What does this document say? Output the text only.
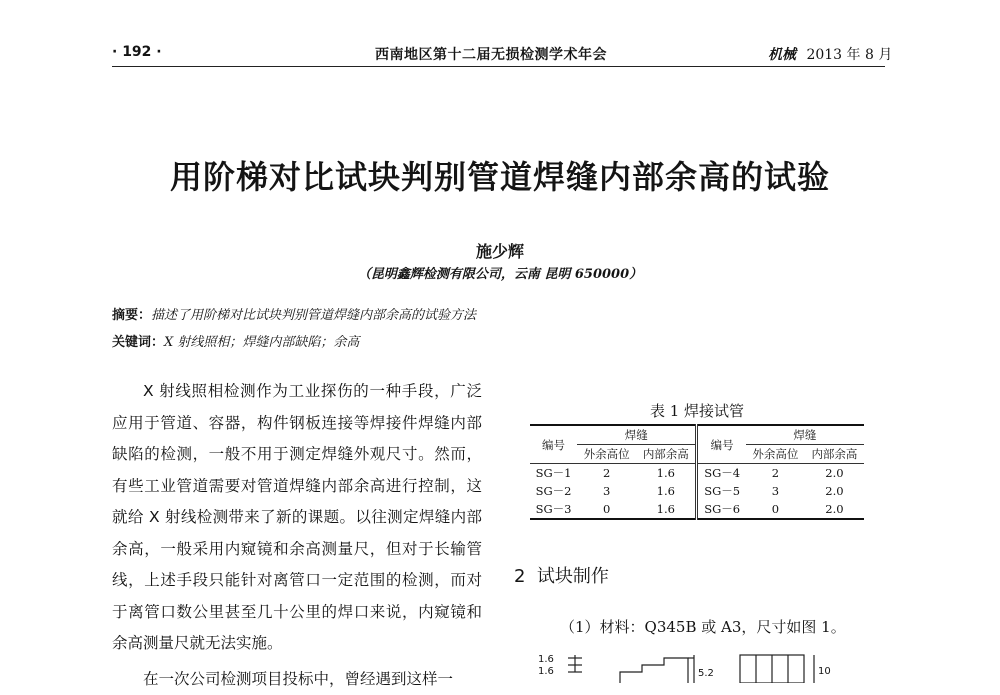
· 192 ·	西南地区第十二届无损检测学术年会	机械 2013 年 8 月
用阶梯对比试块判别管道焊缝内部余高的试验
施少辉
（昆明鑫辉检测有限公司，云南 昆明 650000）
摘要：描述了用阶梯对比试块判别管道焊缝内部余高的试验方法
关键词：X 射线照相；焊缝内部缺陷；余高

X 射线照相检测作为工业探伤的一种手段，广泛应用于管道、容器，构件钢板连接等焊接件焊缝内部缺陷的检测，一般不用于测定焊缝外观尺寸。然而，有些工业管道需要对管道焊缝内部余高进行控制，这就给 X 射线检测带来了新的课题。以往测定焊缝内部余高，一般采用内窥镜和余高测量尺，但对于长输管线，上述手段只能针对离管口一定范围的检测，而对于离管口数公里甚至几十公里的焊口来说，内窥镜和余高测量尺就无法实施。

在一次公司检测项目投标中，曾经遇到这样一

表 1 焊接试管
编号	焊缝		编号	焊缝	
	外余高位	内部余高		外余高位	内部余高
SG－1	2	1.6	SG－4	2	2.0
SG－2	3	1.6	SG－5	3	2.0
SG－3	0	1.6	SG－6	0	2.0
2 试块制作
（1）材料：Q345B 或 A3，尺寸如图 1。
1.6
1.6	5.2	10
